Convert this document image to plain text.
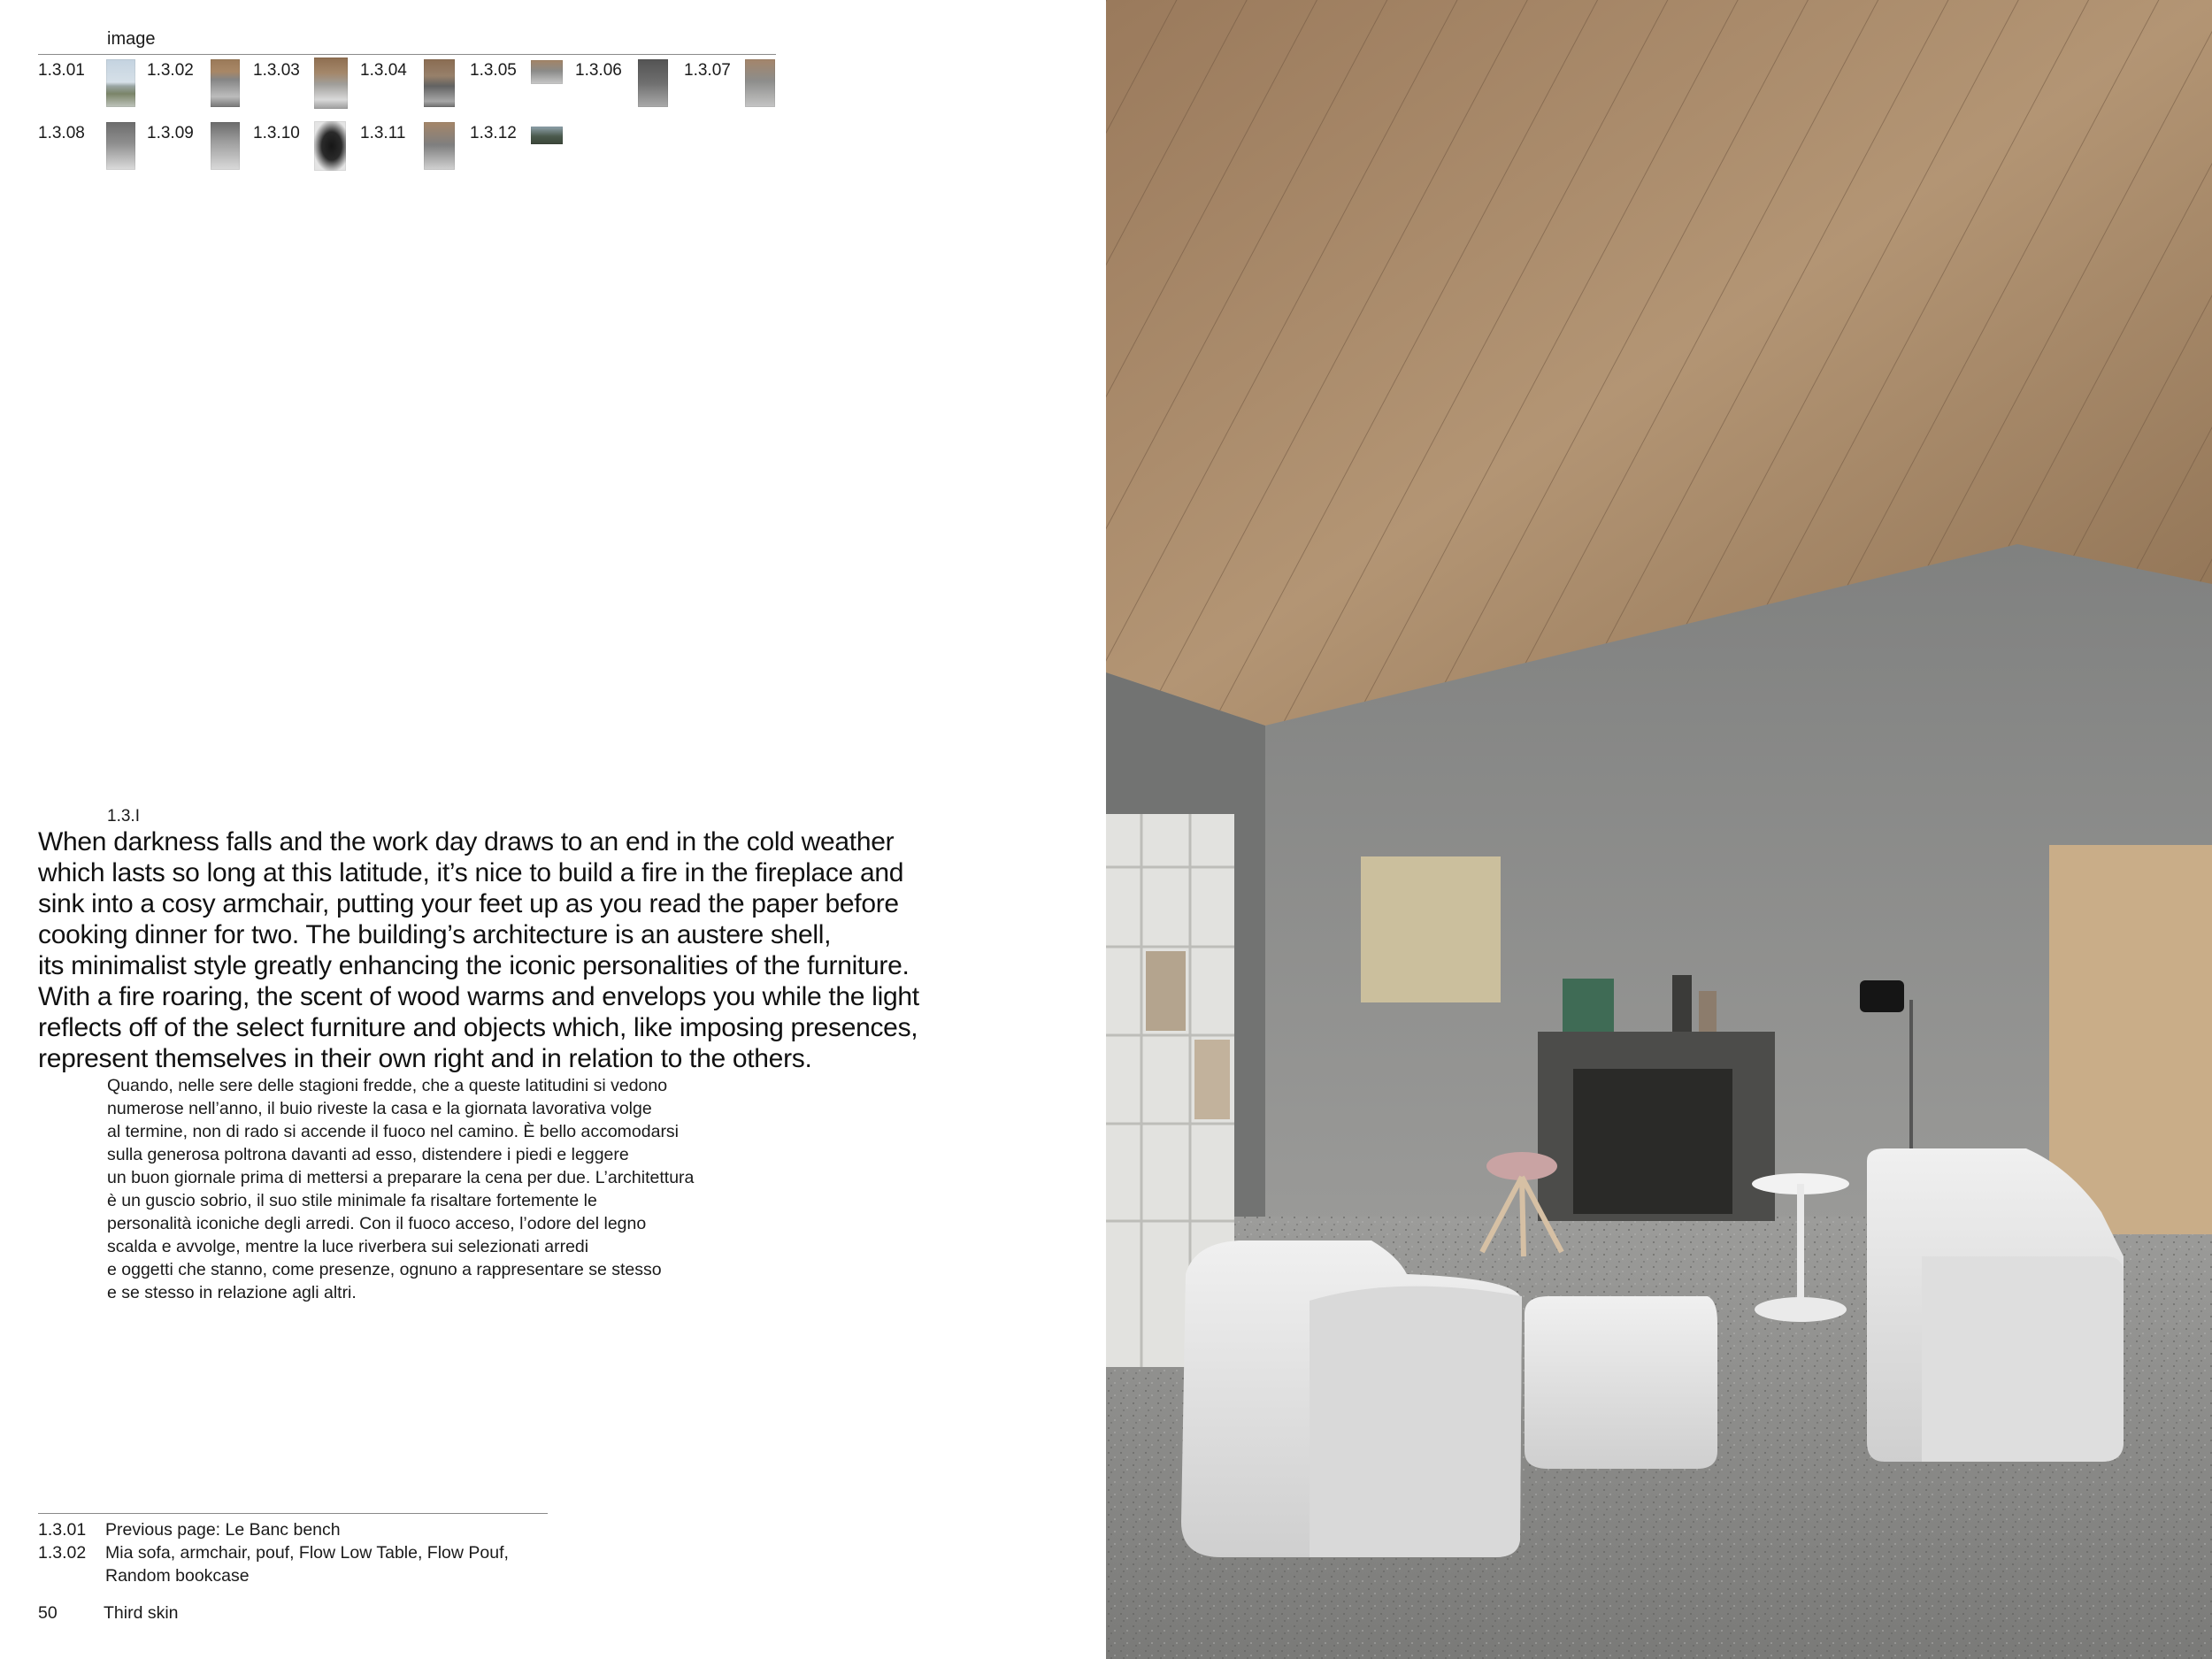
image
1.3.01	1.3.02	1.3.03	1.3.04	1.3.05	1.3.06	1.3.07
1.3.08	1.3.09	1.3.10	1.3.11	1.3.12
1.3.I

When darkness falls and the work day draws to an end in the cold weather
which lasts so long at this latitude, it’s nice to build a fire in the fireplace and
sink into a cosy armchair, putting your feet up as you read the paper before
cooking dinner for two. The building’s architecture is an austere shell,
its minimalist style greatly enhancing the iconic personalities of the furniture.
With a fire roaring, the scent of wood warms and envelops you while the light
reflects off of the select furniture and objects which, like imposing presences,
represent themselves in their own right and in relation to the others.

Quando, nelle sere delle stagioni fredde, che a queste latitudini si vedono
numerose nell’anno, il buio riveste la casa e la giornata lavorativa volge
al termine, non di rado si accende il fuoco nel camino. È bello accomodarsi
sulla generosa poltrona davanti ad esso, distendere i piedi e leggere
un buon giornale prima di mettersi a preparare la cena per due. L’architettura
è un guscio sobrio, il suo stile minimale fa risaltare fortemente le
personalità iconiche degli arredi. Con il fuoco acceso, l’odore del legno
scalda e avvolge, mentre la luce riverbera sui selezionati arredi
e oggetti che stanno, come presenze, ognuno a rappresentare se stesso
e se stesso in relazione agli altri.

1.3.01	Previous page: Le Banc bench
1.3.02	Mia sofa, armchair, pouf, Flow Low Table, Flow Pouf,
Random bookcase
50	Third skin
